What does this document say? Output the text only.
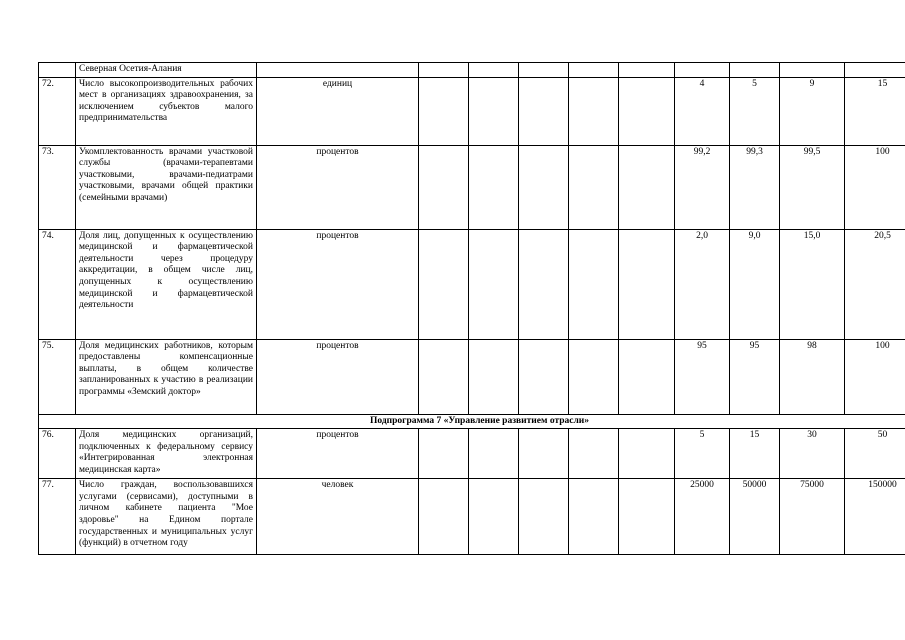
	Северная Осетия-Алания										
72.	Число высокопроизводительных рабочих мест в организациях здравоохранения, за исключением субъектов малого предпринимательства	единиц						4	5	9	15
73.	Укомплектованность врачами участковой службы (врачами-терапевтами участковыми, врачами-педиатрами участковыми, врачами общей практики (семейными врачами)	процентов						99,2	99,3	99,5	100
74.	Доля лиц, допущенных к осуществлению медицинской и фармацевтической деятельности через процедуру аккредитации, в общем числе лиц, допущенных к осуществлению медицинской и фармацевтической деятельности	процентов						2,0	9,0	15,0	20,5
75.	Доля медицинских работников, которым предоставлены компенсационные выплаты, в общем количестве запланированных к участию в реализации программы «Земский доктор»	процентов						95	95	98	100
Подпрограмма 7 «Управление развитием отрасли»											
76.	Доля медицинских организаций, подключенных к федеральному сервису «Интегрированная электронная медицинская карта»	процентов						5	15	30	50
77.	Число граждан, воспользовавшихся услугами (сервисами), доступными в личном кабинете пациента "Мое здоровье" на Едином портале государственных и муниципальных услуг (функций) в отчетном году	человек						25000	50000	75000	150000
